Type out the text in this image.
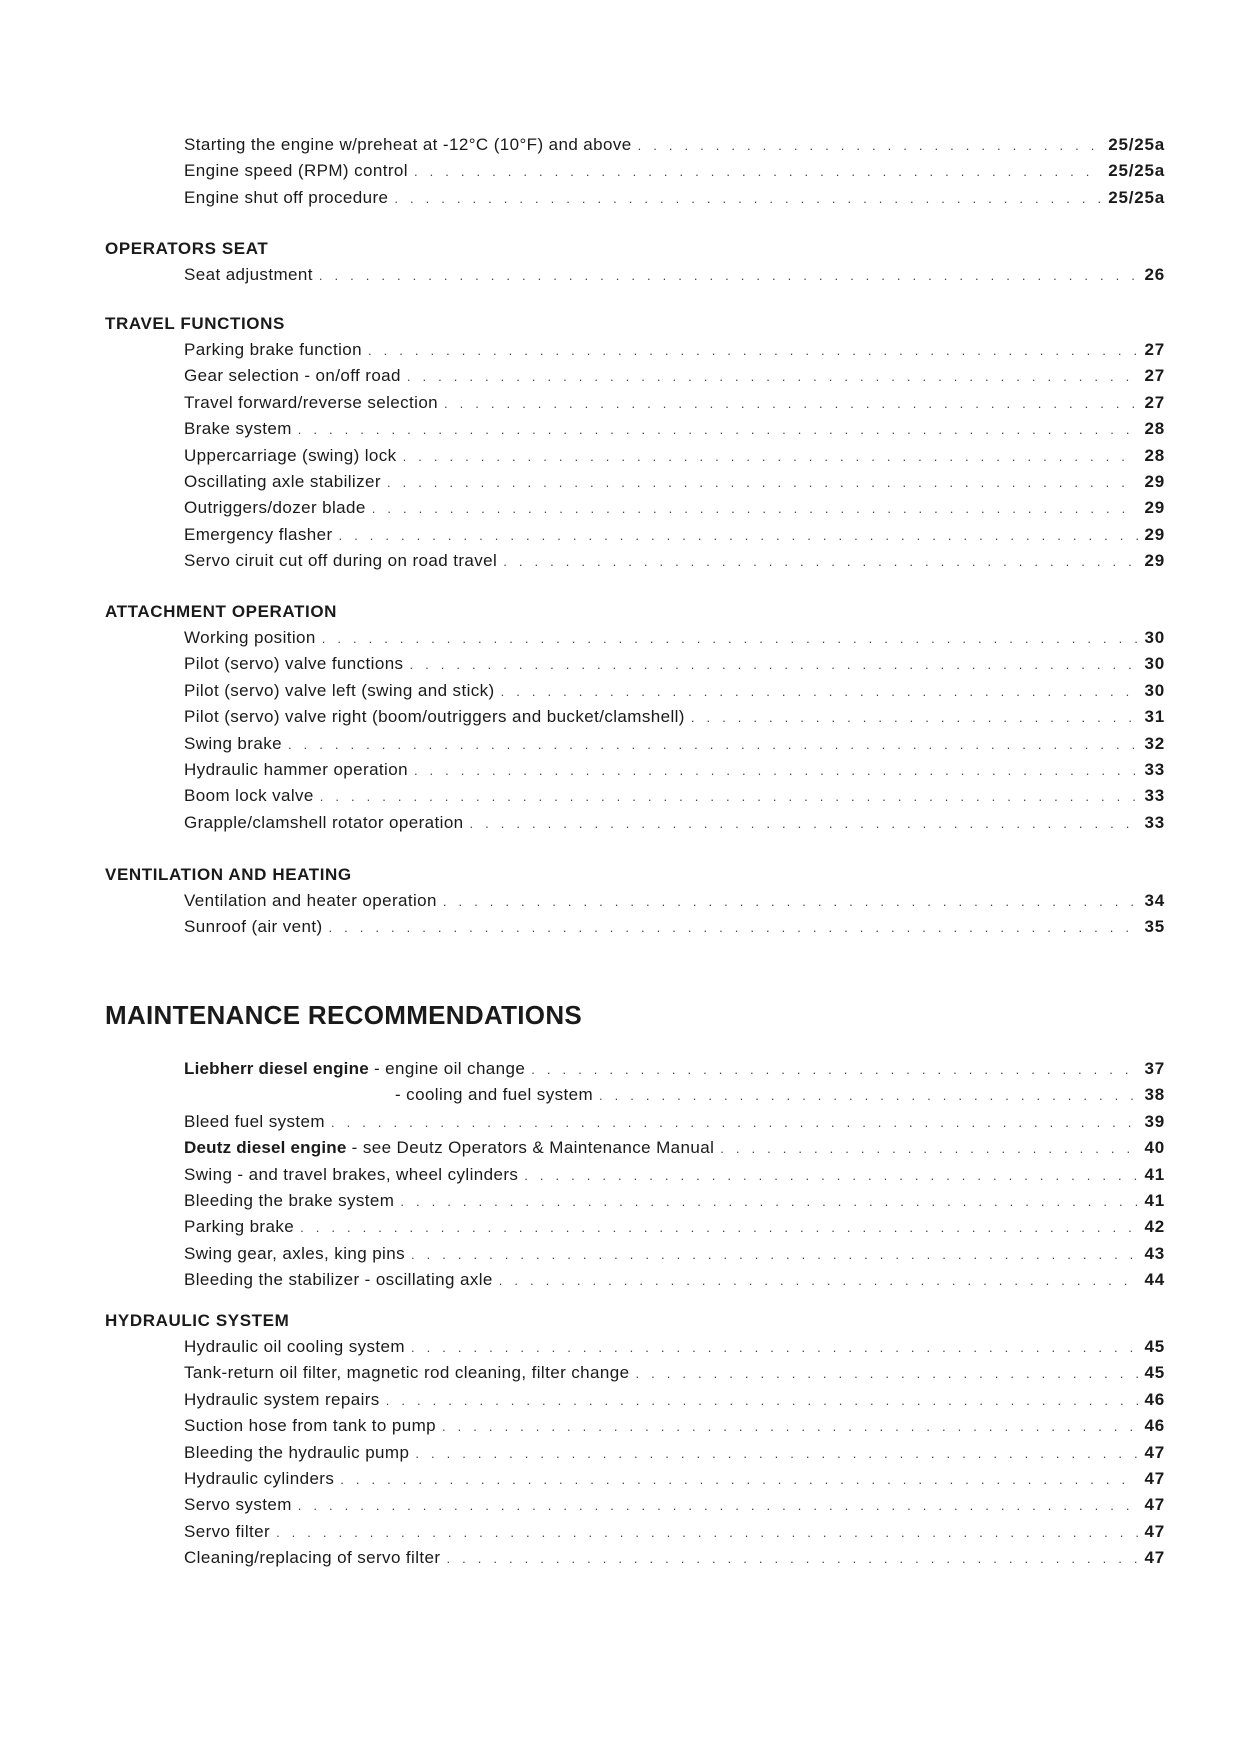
Starting the engine w/preheat at -12°C (10°F) and above . . .	25/25a
Engine speed (RPM) control . . .	25/25a
Engine shut off procedure . . .	25/25a
OPERATORS SEAT
Seat adjustment . . .	26
TRAVEL FUNCTIONS
Parking brake function . . .	27
Gear selection - on/off road . . .	27
Travel forward/reverse selection . . .	27
Brake system . . .	28
Uppercarriage (swing) lock . . .	28
Oscillating axle stabilizer . . .	29
Outriggers/dozer blade . . .	29
Emergency flasher . . .	29
Servo ciruit cut off during on road travel . . .	29
ATTACHMENT OPERATION
Working position . . .	30
Pilot (servo) valve functions . . .	30
Pilot (servo) valve left (swing and stick) . . .	30
Pilot (servo) valve right (boom/outriggers and bucket/clamshell) . . .	31
Swing brake . . .	32
Hydraulic hammer operation . . .	33
Boom lock valve . . .	33
Grapple/clamshell rotator operation . . .	33
VENTILATION AND HEATING
Ventilation and heater operation . . .	34
Sunroof (air vent) . . .	35
MAINTENANCE RECOMMENDATIONS
Liebherr diesel engine - engine oil change . . .	37
- cooling and fuel system . . .	38
Bleed fuel system . . .	39
Deutz diesel engine - see Deutz Operators & Maintenance Manual . . .	40
Swing - and travel brakes, wheel cylinders . . .	41
Bleeding the brake system . . .	41
Parking brake . . .	42
Swing gear, axles, king pins . . .	43
Bleeding the stabilizer - oscillating axle . . .	44
HYDRAULIC SYSTEM
Hydraulic oil cooling system . . .	45
Tank-return oil filter, magnetic rod cleaning, filter change . . .	45
Hydraulic system repairs . . .	46
Suction hose from tank to pump . . .	46
Bleeding the hydraulic pump . . .	47
Hydraulic cylinders . . .	47
Servo system . . .	47
Servo filter . . .	47
Cleaning/replacing of servo filter . . .	47
